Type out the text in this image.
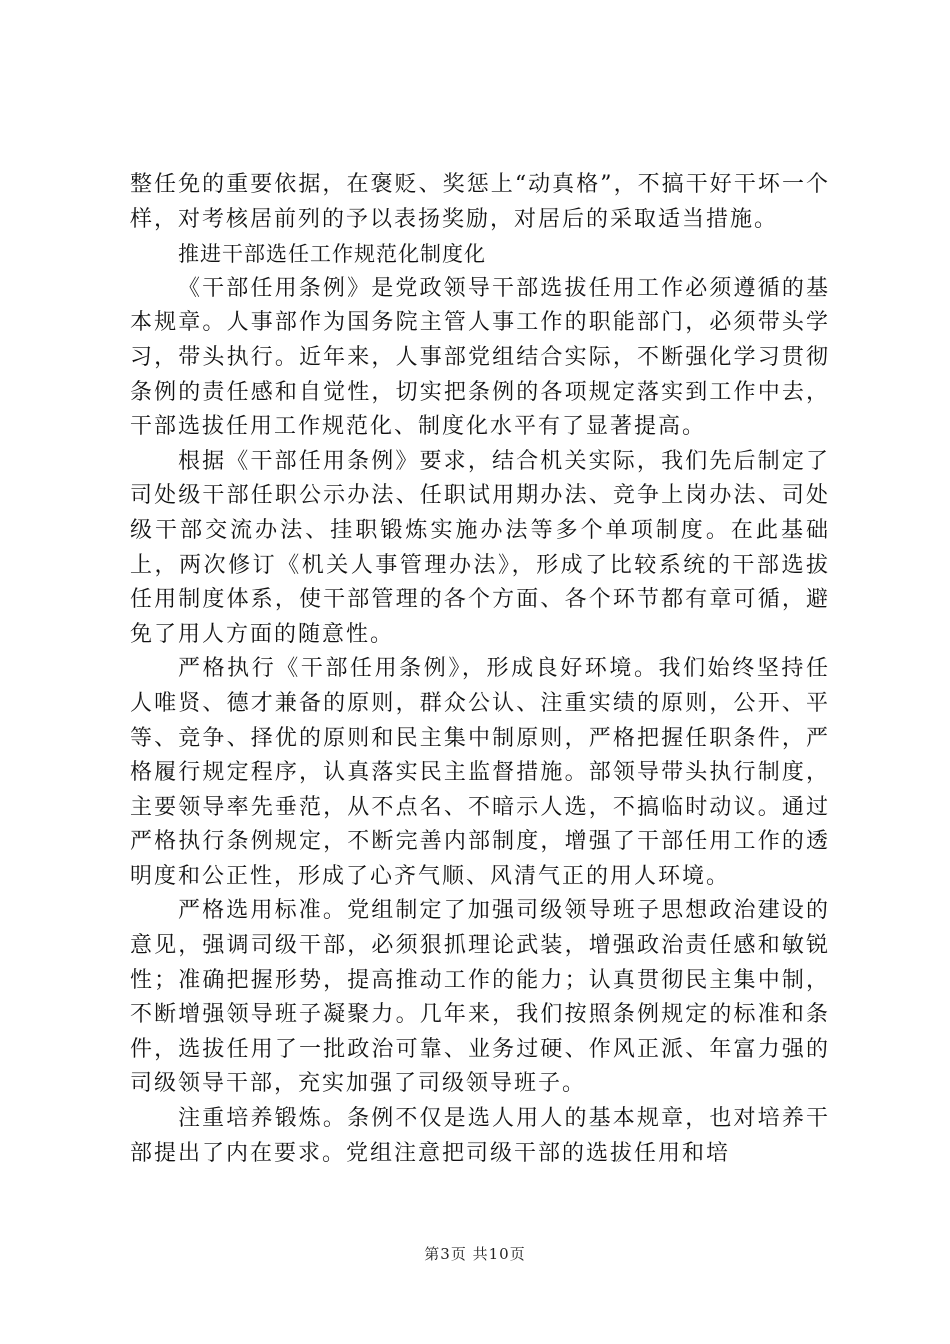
整任免的重要依据，在褒贬、奖惩上“动真格”，不搞干好干坏一个样，对考核居前列的予以表扬奖励，对居后的采取适当措施。

推进干部选任工作规范化制度化

《干部任用条例》是党政领导干部选拔任用工作必须遵循的基本规章。人事部作为国务院主管人事工作的职能部门，必须带头学习，带头执行。近年来，人事部党组结合实际，不断强化学习贯彻条例的责任感和自觉性，切实把条例的各项规定落实到工作中去，干部选拔任用工作规范化、制度化水平有了显著提高。

根据《干部任用条例》要求，结合机关实际，我们先后制定了司处级干部任职公示办法、任职试用期办法、竞争上岗办法、司处级干部交流办法、挂职锻炼实施办法等多个单项制度。在此基础上，两次修订《机关人事管理办法》，形成了比较系统的干部选拔任用制度体系，使干部管理的各个方面、各个环节都有章可循，避免了用人方面的随意性。

严格执行《干部任用条例》，形成良好环境。我们始终坚持任人唯贤、德才兼备的原则，群众公认、注重实绩的原则，公开、平等、竞争、择优的原则和民主集中制原则，严格把握任职条件，严格履行规定程序，认真落实民主监督措施。部领导带头执行制度，主要领导率先垂范，从不点名、不暗示人选，不搞临时动议。通过严格执行条例规定，不断完善内部制度，增强了干部任用工作的透明度和公正性，形成了心齐气顺、风清气正的用人环境。

严格选用标准。党组制定了加强司级领导班子思想政治建设的意见，强调司级干部，必须狠抓理论武装，增强政治责任感和敏锐性；准确把握形势，提高推动工作的能力；认真贯彻民主集中制，不断增强领导班子凝聚力。几年来，我们按照条例规定的标准和条件，选拔任用了一批政治可靠、业务过硬、作风正派、年富力强的司级领导干部，充实加强了司级领导班子。

注重培养锻炼。条例不仅是选人用人的基本规章，也对培养干部提出了内在要求。党组注意把司级干部的选拔任用和培

第3页 共10页
